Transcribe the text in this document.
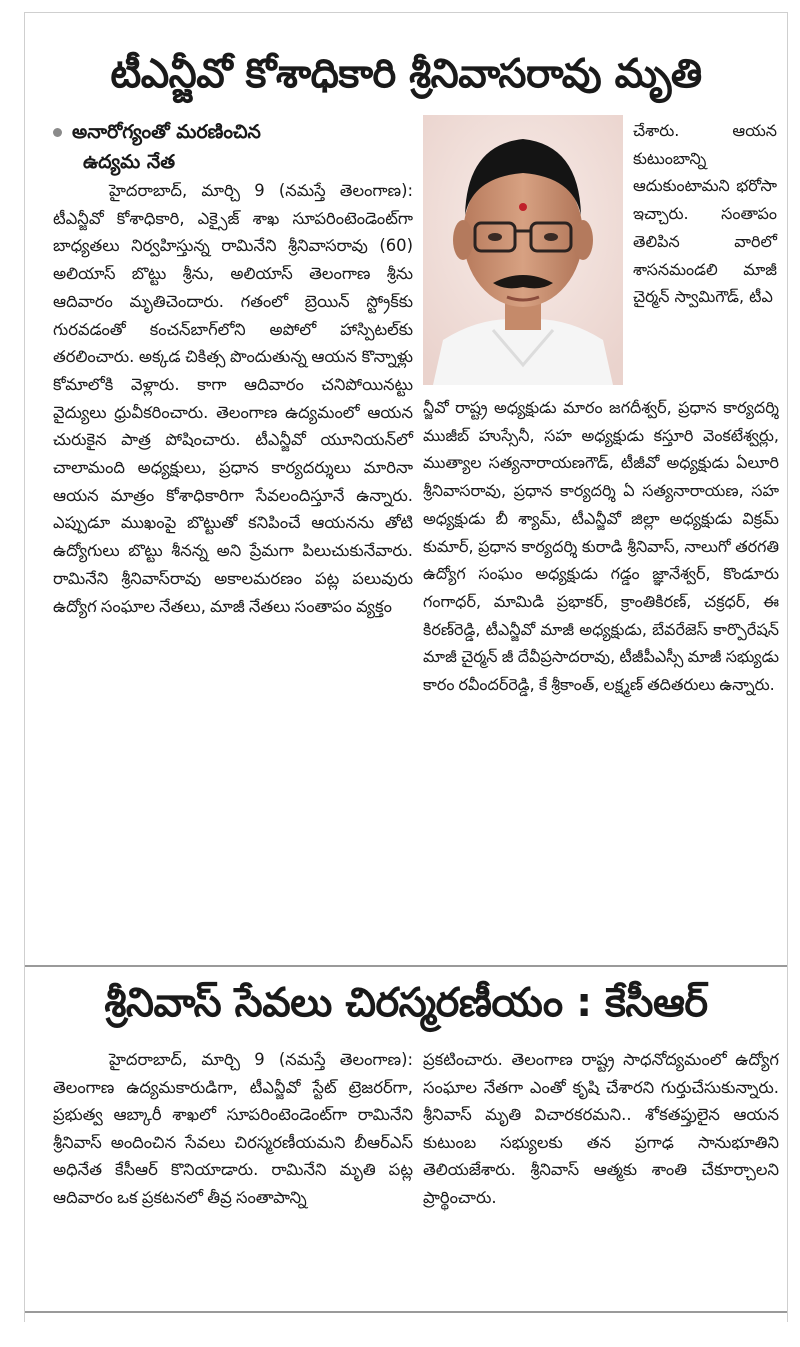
టీఎన్జీవో కోశాధికారి శ్రీనివాసరావు మృతి
అనారోగ్యంతో మరణించిన
ఉద్యమ నేత
హైదరాబాద్‌, మార్చి 9 (నమస్తే తెలంగాణ): టీఎన్జీవో కోశాధికారి, ఎక్సైజ్‌ శాఖ సూపరింటెండెంట్‌గా బాధ్యతలు నిర్వహిస్తున్న రామినేని శ్రీనివాసరావు (60) అలియాస్‌ బొట్టు శ్రీను, అలియాస్‌ తెలంగాణ శ్రీను ఆదివారం మృతిచెందారు. గతంలో బ్రెయిన్‌ స్ట్రోక్‌కు గురవడంతో కంచన్‌బాగ్‌లోని అపోలో హాస్పిటల్‌కు తరలించారు. అక్కడ చికిత్స పొందుతున్న ఆయన కొన్నాళ్లు కోమాలోకి వెళ్లారు. కాగా ఆదివారం చనిపోయినట్టు వైద్యులు ధ్రువీకరించారు. తెలంగాణ ఉద్యమంలో ఆయన చురుకైన పాత్ర పోషించారు. టీఎన్జీవో యూనియన్‌లో చాలామంది అధ్యక్షులు, ప్రధాన కార్యదర్శులు మారినా ఆయన మాత్రం కోశాధికారిగా సేవలందిస్తూనే ఉన్నారు. ఎప్పుడూ ముఖంపై బొట్టుతో కనిపించే ఆయనను తోటి ఉద్యోగులు బొట్టు శీనన్న అని ప్రేమగా పిలుచుకునేవారు. రామినేని శ్రీనివాస్‌రావు అకాలమరణం పట్ల పలువురు ఉద్యోగ సంఘాల నేతలు, మాజీ నేతలు సంతాపం వ్యక్తం
చేశారు. ఆయన కుటుంబాన్ని ఆదుకుంటామని భరోసా ఇచ్చారు. సంతాపం తెలిపిన వారిలో శాసనమండలి మాజీ చైర్మన్‌ స్వామిగౌడ్‌, టీఎ
న్జీవో రాష్ట్ర అధ్యక్షుడు మారం జగదీశ్వర్‌, ప్రధాన కార్యదర్శి ముజీబ్‌ హుస్సేనీ, సహ అధ్యక్షుడు కస్తూరి వెంకటేశ్వర్లు, ముత్యాల సత్యనారాయణగౌడ్‌, టీజీవో అధ్యక్షుడు ఏలూరి శ్రీనివాసరావు, ప్రధాన కార్యదర్శి ఏ సత్యనారాయణ, సహ అధ్యక్షుడు బీ శ్యామ్‌, టీఎన్జీవో జిల్లా అధ్యక్షుడు విక్రమ్‌ కుమార్‌, ప్రధాన కార్యదర్శి కురాడి శ్రీనివాస్‌, నాలుగో తరగతి ఉద్యోగ సంఘం అధ్యక్షుడు గడ్డం జ్ఞానేశ్వర్‌, కొండూరు గంగాధర్‌, మామిడి ప్రభాకర్‌, క్రాంతికిరణ్‌, చక్రధర్‌, ఈ కిరణ్‌రెడ్డి, టీఎన్జీవో మాజీ అధ్యక్షుడు, బేవరేజెస్‌ కార్పొరేషన్‌ మాజీ చైర్మన్‌ జీ దేవీప్రసాదరావు, టీజీపీఎస్సీ మాజీ సభ్యుడు కారం రవీందర్‌రెడ్డి, కే శ్రీకాంత్‌, లక్ష్మణ్‌ తదితరులు ఉన్నారు.
శ్రీనివాస్‌ సేవలు చిరస్మరణీయం : కేసీఆర్‌
హైదరాబాద్‌, మార్చి 9 (నమస్తే తెలంగాణ): తెలంగాణ ఉద్యమకారుడిగా, టీఎన్జీవో స్టేట్‌ ట్రెజరర్‌గా, ప్రభుత్వ ఆబ్కారీ శాఖలో సూపరింటెండెంట్‌గా రామినేని శ్రీనివాస్‌ అందించిన సేవలు చిరస్మరణీయమని బీఆర్‌ఎస్‌ అధినేత కేసీఆర్‌ కొనియాడారు. రామినేని మృతి పట్ల ఆదివారం ఒక ప్రకటనలో తీవ్ర సంతాపాన్ని
ప్రకటించారు. తెలంగాణ రాష్ట్ర సాధనోద్యమంలో ఉద్యోగ సంఘాల నేతగా ఎంతో కృషి చేశారని గుర్తుచేసుకున్నారు. శ్రీనివాస్‌ మృతి విచారకరమని.. శోకతప్తులైన ఆయన కుటుంబ సభ్యులకు తన ప్రగాఢ సానుభూతిని తెలియజేశారు. శ్రీనివాస్‌ ఆత్మకు శాంతి చేకూర్చాలని ప్రార్థించారు.
